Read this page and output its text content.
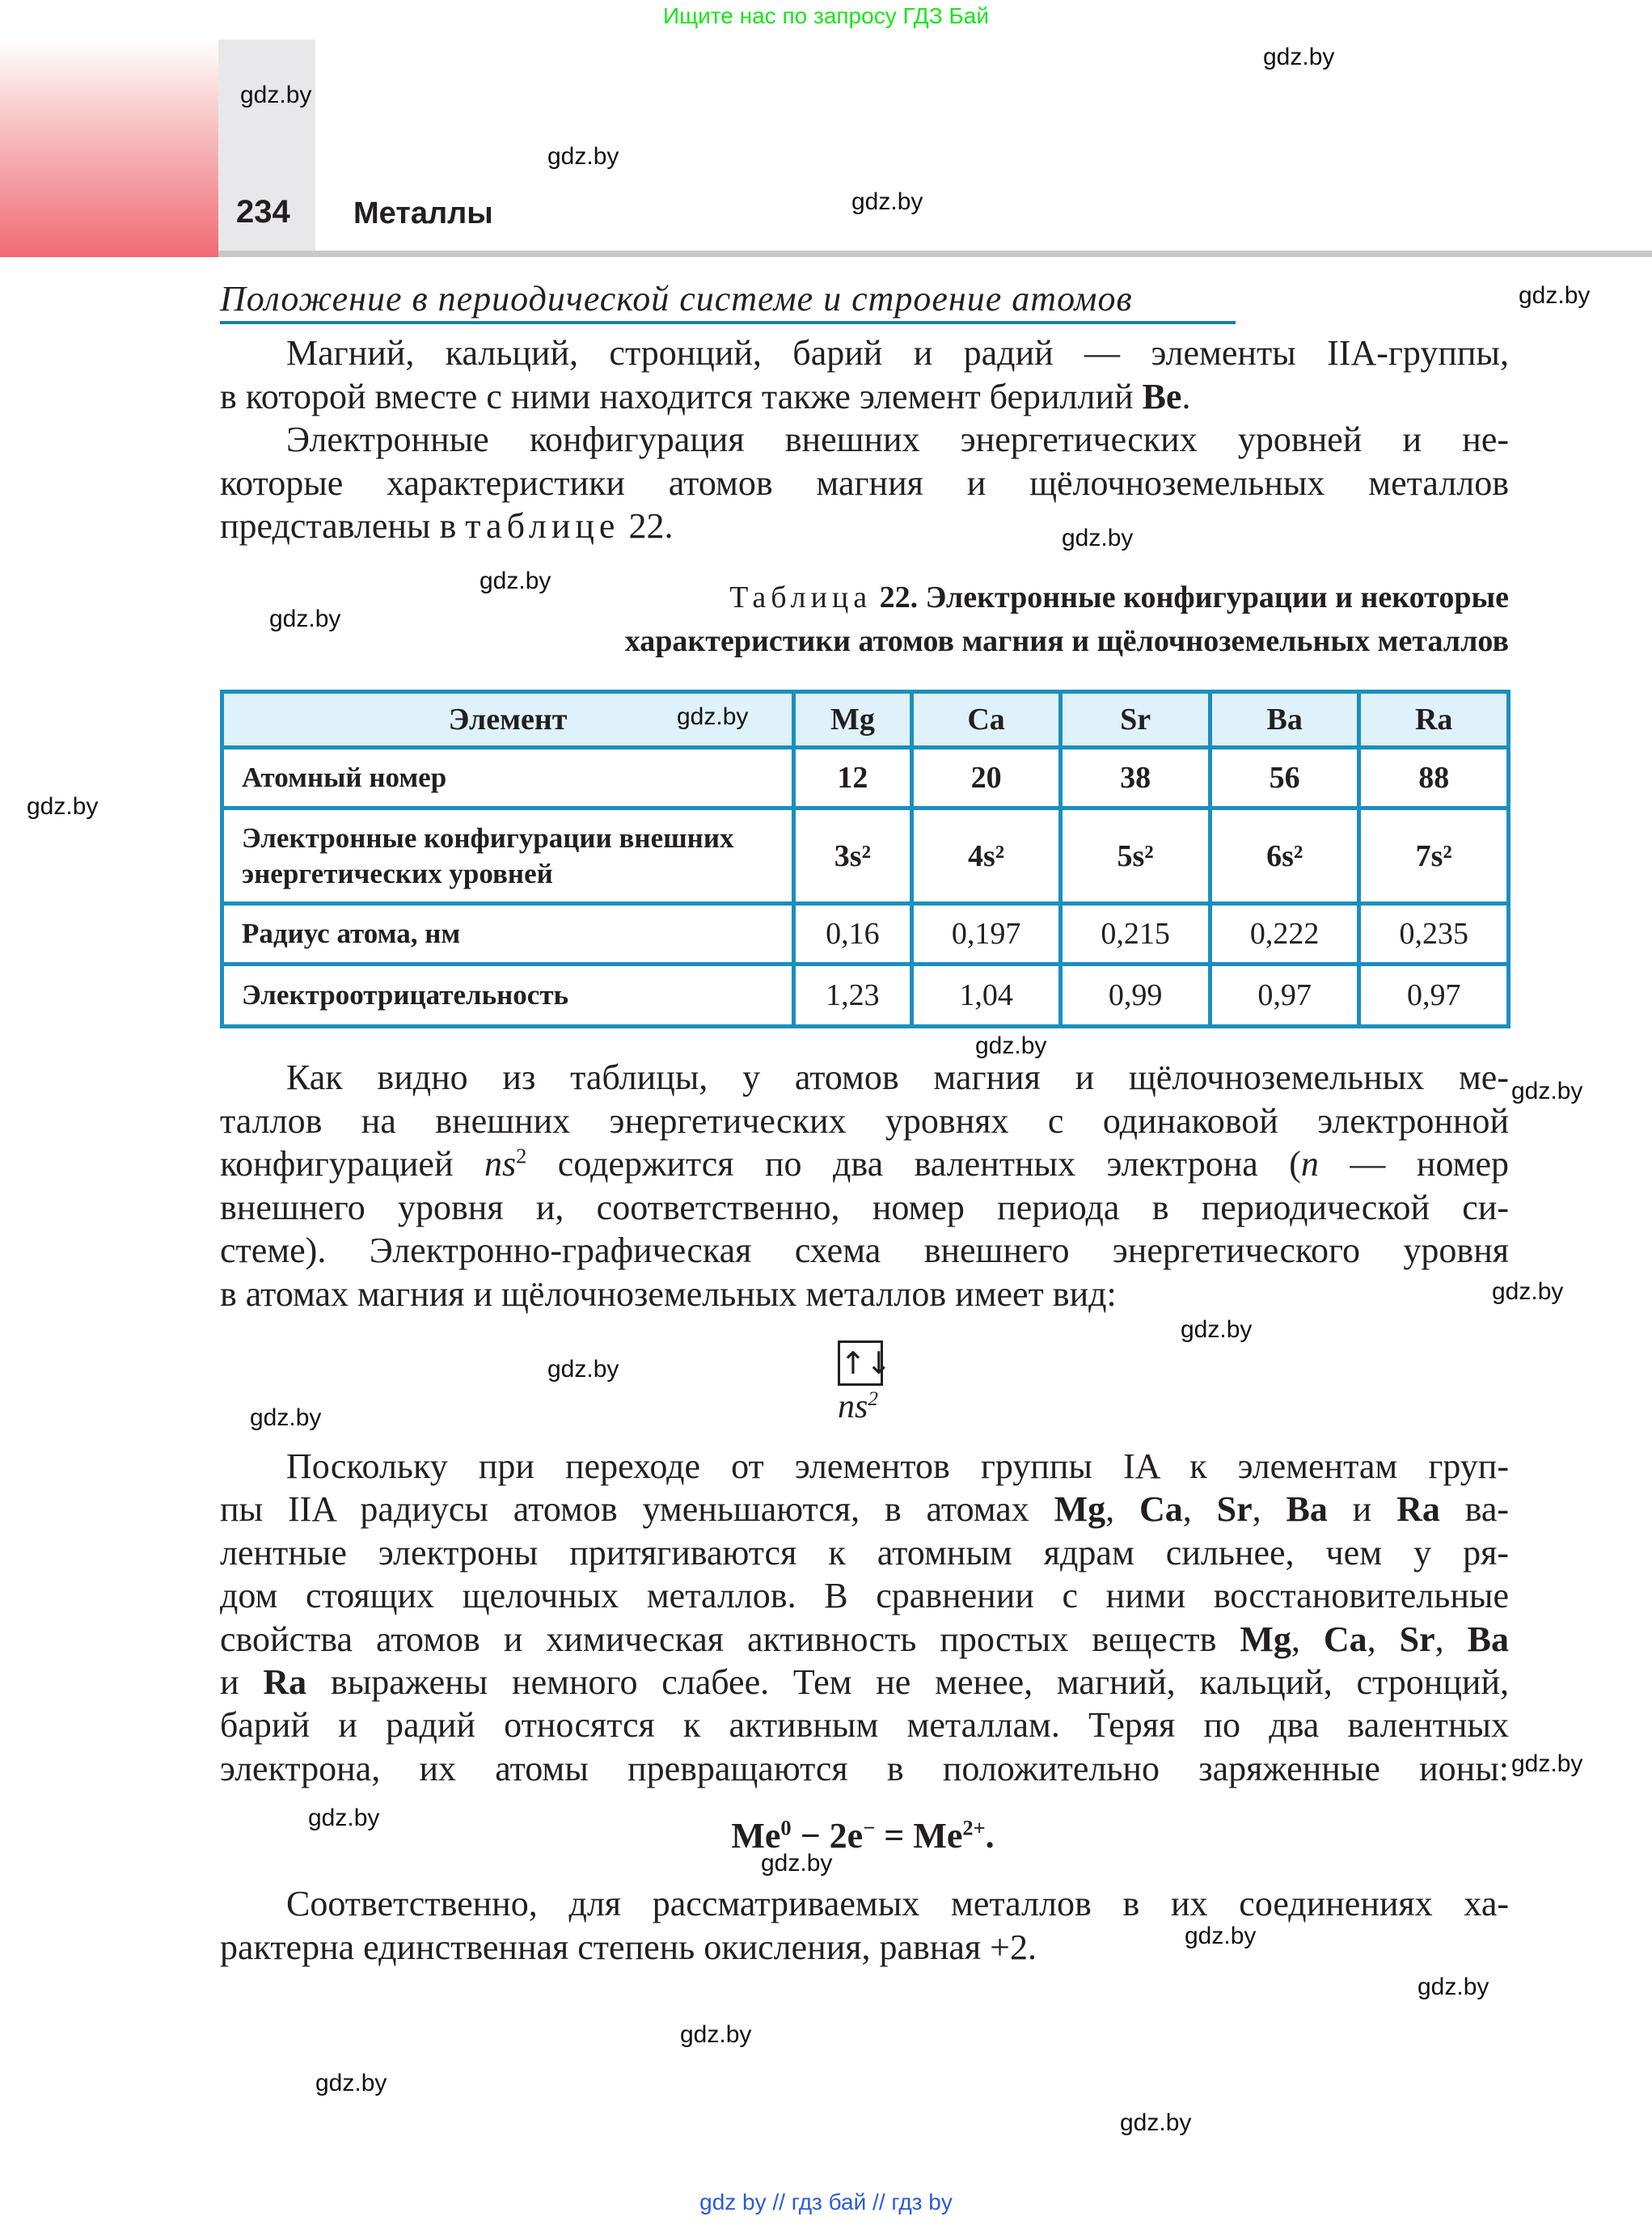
Ищите нас по запросу ГДЗ Бай
234 Металлы
Положение в периодической системе и строение атомов
Магний, кальций, стронций, барий и радий — элементы IIA-группы,
в которой вместе с ними находится также элемент бериллий Be.
Электронные конфигурация внешних энергетических уровней и не-
которые характеристики атомов магния и щёлочноземельных металлов
представлены в таблице 22.
Таблица 22. Электронные конфигурации и некоторые
характеристики атомов магния и щёлочноземельных металлов
Элемент	Mg	Ca	Sr	Ba	Ra
Атомный номер	12	20	38	56	88
Электронные конфигурации внешних энергетических уровней	3s²	4s²	5s²	6s²	7s²
Радиус атома, нм	0,16	0,197	0,215	0,222	0,235
Электроотрицательность	1,23	1,04	0,99	0,97	0,97
Как видно из таблицы, у атомов магния и щёлочноземельных ме-
таллов на внешних энергетических уровнях с одинаковой электронной
конфигурацией $ns^2$ содержится по два валентных электрона (n — номер
внешнего уровня и, соответственно, номер периода в периодической си-
стеме). Электронно-графическая схема внешнего энергетического уровня
в атомах магния и щёлочноземельных металлов имеет вид:
↑↓
$ns^2$
Поскольку при переходе от элементов группы IA к элементам груп-
пы IIA радиусы атомов уменьшаются, в атомах Mg, Ca, Sr, Ba и Ra ва-
лентные электроны притягиваются к атомным ядрам сильнее, чем у ря-
дом стоящих щелочных металлов. В сравнении с ними восстановительные
свойства атомов и химическая активность простых веществ Mg, Ca, Sr, Ba
и Ra выражены немного слабее. Тем не менее, магний, кальций, стронций,
барий и радий относятся к активным металлам. Теряя по два валентных
электрона, их атомы превращаются в положительно заряженные ионы:
$Me^0 - 2e^- = Me^{2+}$.
Соответственно, для рассматриваемых металлов в их соединениях ха-
рактерна единственная степень окисления, равная +2.
gdz.by
gdz.by
gdz.by
gdz.by
gdz.by
gdz.by
gdz.by
gdz.by
gdz.by
gdz.by
gdz.by
gdz.by
gdz.by
gdz.by
gdz.by
gdz.by
gdz.by
gdz.by
gdz.by
gdz.by
gdz.by
gdz.by
gdz.by
gdz.by
gdz by // гдз бай // гдз by
